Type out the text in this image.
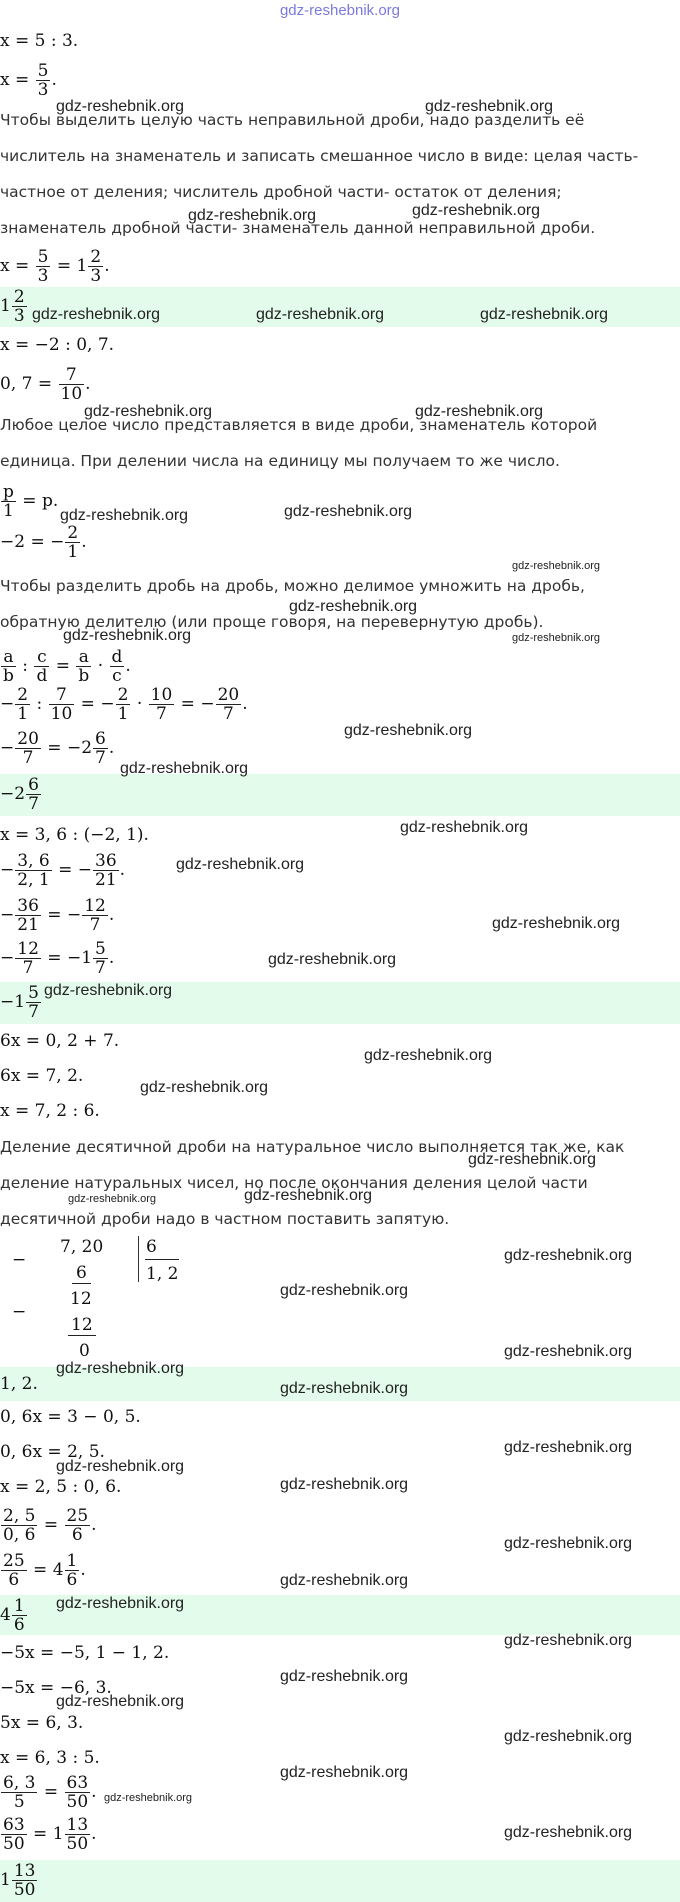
gdz-reshebnik.org
x = 5 : 3.
$x = \frac{5}{3}$ .
Чтобы выделить целую часть неправильной дроби, надо разделить её
числитель на знаменатель и записать смешанное число в виде: целая часть-
частное от деления; числитель дробной части- остаток от деления;
знаменатель дробной части- знаменатель данной неправильной дроби.
$x = \frac{5}{3} = 1 \frac{2}{3}$ .
$1 \frac{2}{3}$
x = −2 : 0, 7.
0, $7 = \frac{7}{10}$ .
Любое целое число представляется в виде дроби, знаменатель которой
единица. При делении числа на единицу мы получаем то же число.
$\frac{p}{1} = p$.
−2 = − $\frac{2}{1}$ .
Чтобы разделить дробь на дробь, можно делимое умножить на дробь,
обратную делителю (или проще говоря, на перевернутую дробь).
$\frac{a}{b}$ : $\frac{c}{d} = \frac{a}{b} \cdot \frac{d}{c}$ .
− $\frac{2}{1}$ : $\frac{7}{10}$ = − $\frac{2}{1} \cdot \frac{10}{7}$ = − $\frac{20}{7}$ .
− $\frac{20}{7} = -2 \frac{6}{7}$ .
$-2 \frac{6}{7}$
x = 3, 6 : (−2, 1).
− $\frac{3, 6}{2, 1}$ = − $\frac{36}{21}$ .
− $\frac{36}{21}$ = − $\frac{12}{7}$ .
− $\frac{12}{7} = -1 \frac{5}{7}$ .
$-1 \frac{5}{7}$
6x = 0, 2 + 7.
6x = 7, 2.
x = 7, 2 : 6.
Деление десятичной дроби на натуральное число выполняется так же, как
деление натуральных чисел, но после окончания деления целой части
десятичной дроби надо в частном поставить запятую.
−
7, 20
6
6
1, 2
−
12
12
0
1, 2.
0, 6x = 3 − 0, 5.
0, 6x = 2, 5.
x = 2, 5 : 0, 6.
$\frac{2, 5}{0, 6} = \frac{25}{6}$ .
$\frac{25}{6} = 4 \frac{1}{6}$ .
$4 \frac{1}{6}$
−5x = −5, 1 − 1, 2.
−5x = −6, 3.
5x = 6, 3.
x = 6, 3 : 5.
$\frac{6, 3}{5} = \frac{63}{50}$ .
$\frac{63}{50} = 1 \frac{13}{50}$ .
$1 \frac{13}{50}$
gdz-reshebnik.org	gdz-reshebnik.org
gdz-reshebnik.org	gdz-reshebnik.org
gdz-reshebnik.org	gdz-reshebnik.org	gdz-reshebnik.org
gdz-reshebnik.org	gdz-reshebnik.org
gdz-reshebnik.org	gdz-reshebnik.org
gdz-reshebnik.org
gdz-reshebnik.org
gdz-reshebnik.org	gdz-reshebnik.org
gdz-reshebnik.org
gdz-reshebnik.org
gdz-reshebnik.org
gdz-reshebnik.org
gdz-reshebnik.org
gdz-reshebnik.org
gdz-reshebnik.org
gdz-reshebnik.org
gdz-reshebnik.org
gdz-reshebnik.org
gdz-reshebnik.org	gdz-reshebnik.org
gdz-reshebnik.org
gdz-reshebnik.org
gdz-reshebnik.org
gdz-reshebnik.org
gdz-reshebnik.org
gdz-reshebnik.org
gdz-reshebnik.org
gdz-reshebnik.org
gdz-reshebnik.org
gdz-reshebnik.org
gdz-reshebnik.org
gdz-reshebnik.org
gdz-reshebnik.org
gdz-reshebnik.org
gdz-reshebnik.org
gdz-reshebnik.org
gdz-reshebnik.org
gdz-reshebnik.org
